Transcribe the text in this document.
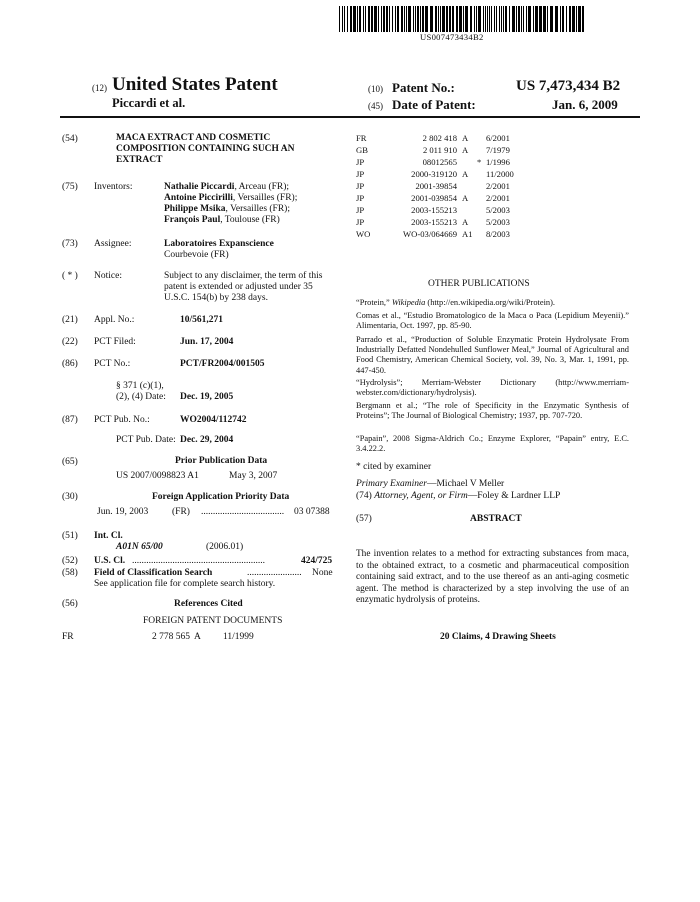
US007473434B2
(12) United States Patent
Piccardi et al.
(10) Patent No.:	US 7,473,434 B2
(45) Date of Patent:	Jan. 6, 2009
(54)	MACA EXTRACT AND COSMETIC
COMPOSITION CONTAINING SUCH AN
EXTRACT
(75) Inventors:	Nathalie Piccardi, Arceau (FR);
Antoine Piccirilli, Versailles (FR);
Philippe Msika, Versailles (FR);
François Paul, Toulouse (FR)
(73) Assignee:	Laboratoires Expanscience
Courbevoie (FR)
( * ) Notice:	Subject to any disclaimer, the term of this
patent is extended or adjusted under 35
U.S.C. 154(b) by 238 days.
(21) Appl. No.:	10/561,271
(22) PCT Filed:	Jun. 17, 2004
(86) PCT No.:	PCT/FR2004/001505
§ 371 (c)(1),
(2), (4) Date: Dec. 19, 2005
(87) PCT Pub. No.:	WO2004/112742
PCT Pub. Date: Dec. 29, 2004
(65)	Prior Publication Data
US 2007/0098823 A1	May 3, 2007
(30)	Foreign Application Priority Data
Jun. 19, 2003	(FR) ................................... 03 07388
(51) Int. Cl.
A01N 65/00	(2006.01)
(52) U.S. Cl. ........................................................	424/725
(58) Field of Classification Search	....................... None
See application file for complete search history.
(56)	References Cited
FOREIGN PATENT DOCUMENTS
FR	2 778 565 A 11/1999
FR	2 802 418 A 6/2001
GB	2 011 910 A 7/1979
JP	08012565 * 1/1996
JP	2000-319120 A 11/2000
JP	2001-39854	2/2001
JP	2001-039854 A 2/2001
JP	2003-155213	5/2003
JP	2003-155213 A 5/2003
WO	WO-03/064669 A1 8/2003
OTHER PUBLICATIONS
“Protein,” Wikipedia (http://en.wikipedia.org/wiki/Protein).
Comas et al., “Estudio Bromatologico de la Maca o Paca (Lepidium Meyenii).” Alimentaria, Oct. 1997, pp. 85-90.
Parrado et al., “Production of Soluble Enzymatic Protein Hydrolysate From Industrially Defatted Nondehulled Sunflower Meal,” Journal of Agricultural and Food Chemistry, American Chemical Society, vol. 39, No. 3, Mar. 1, 1991, pp. 447-450.
“Hydrolysis”; Merriam-Webster Dictionary (http://www.merriam-webster.com/dictionary/hydrolysis).
Bergmann et al.; “The role of Specificity in the Enzymatic Synthesis of Proteins”; The Journal of Biological Chemistry; 1937, pp. 707-720.
“Papain”, 2008 Sigma-Aldrich Co.; Enzyme Explorer, “Papain” entry, E.C. 3.4.22.2.
* cited by examiner
Primary Examiner—Michael V Meller
(74) Attorney, Agent, or Firm—Foley & Lardner LLP
(57)	ABSTRACT
The invention relates to a method for extracting substances from maca, to the obtained extract, to a cosmetic and pharmaceutical composition containing said extract, and to the use thereof as an anti-aging cosmetic agent. The method is characterized by a step involving the use of an enzymatic hydrolysis of proteins.
20 Claims, 4 Drawing Sheets
